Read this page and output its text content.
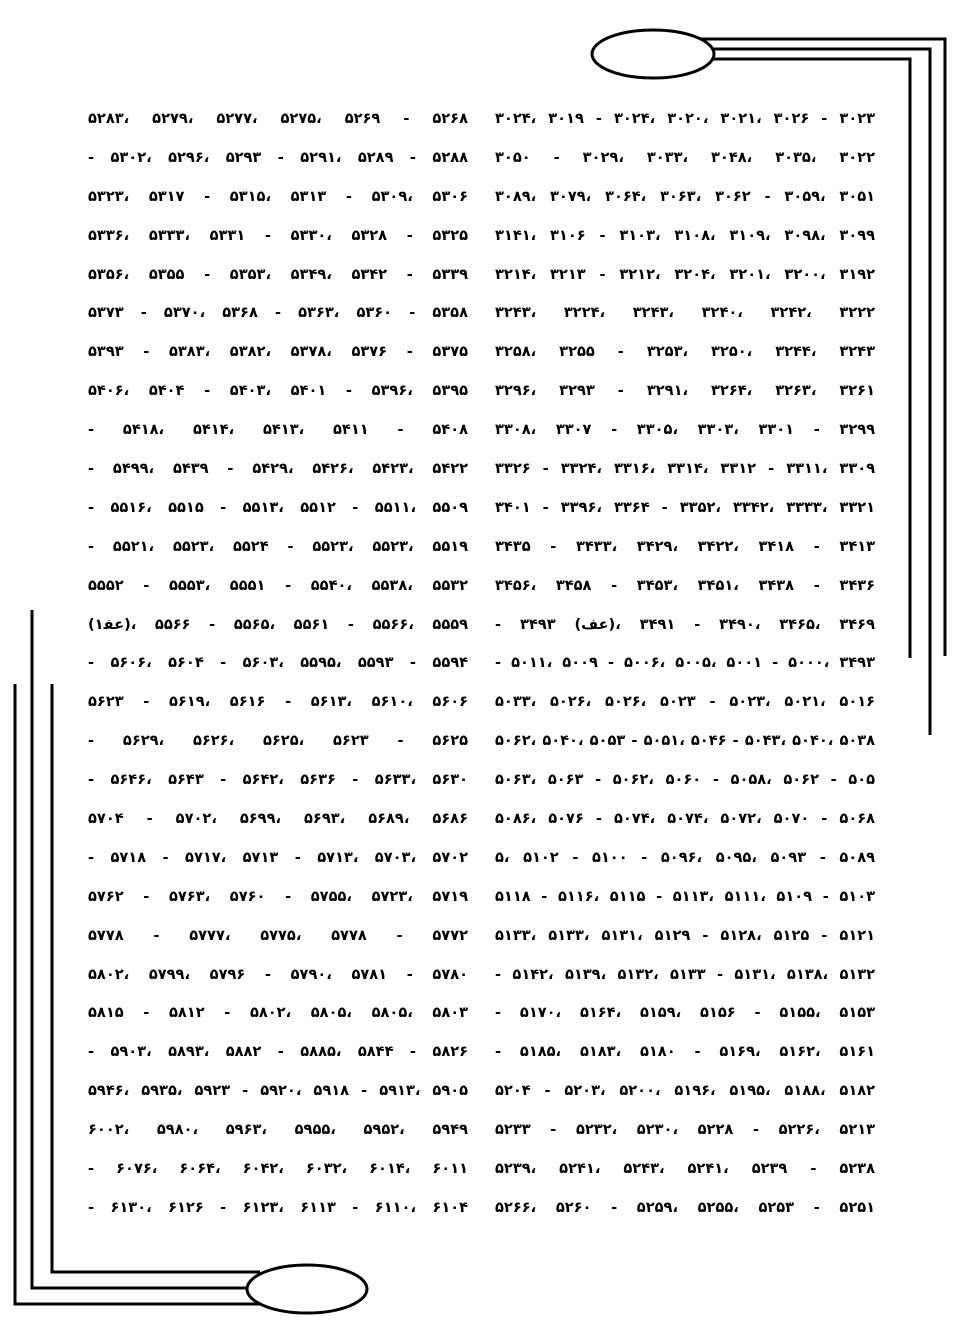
۳۰۲۳ - ۳۰۲۶ ،۳۰۲۱ ،۳۰۲۰ ،۳۰۲۴ - ۳۰۱۹ ،۳۰۲۴
۳۰۲۲ ،۳۰۳۵ ،۳۰۴۸ ،۳۰۳۳ ،۳۰۲۹ - ۳۰۵۰
۳۰۵۱ ،۳۰۵۹ - ۳۰۶۲ ،۳۰۶۳ ،۳۰۶۴ ،۳۰۷۹ ،۳۰۸۹
۳۰۹۹ ،۳۰۹۸ ،۳۱۰۹ ،۳۱۰۸ ،۳۱۰۳ - ۳۱۰۶ ،۳۱۴۱
۳۱۹۲ ،۳۲۰۰ ،۳۲۰۱ ،۳۲۰۴ ،۳۲۱۲ - ۳۲۱۳ ،۳۲۱۴
۳۲۲۲ ،۳۲۴۲ ،۳۲۴۰ ،۳۲۴۳ ،۳۲۲۴ ،۳۲۴۳
۳۲۴۳ ،۳۲۴۴ ،۳۲۵۰ ،۳۲۵۳ - ۳۲۵۵ ،۳۲۵۸
۳۲۶۱ ،۳۲۶۳ ،۳۲۶۴ ،۳۲۹۱ - ۳۲۹۳ ،۳۲۹۶
۳۲۹۹ - ۳۳۰۱ ،۳۳۰۳ ،۳۳۰۵ - ۳۳۰۷ ،۳۳۰۸
۳۳۰۹ ،۳۳۱۱ - ۳۳۱۲ ،۳۳۱۴ ،۳۳۱۶ ،۳۳۲۴ - ۳۳۲۶
۳۳۲۱ ،۳۳۳۳ ،۳۳۴۲ ،۳۳۵۲ - ۳۳۶۴ ،۳۳۹۶ - ۳۴۰۱
۳۴۱۳ - ۳۴۱۸ ،۳۴۲۲ ،۳۴۲۹ ،۳۴۳۳ - ۳۴۳۵
۳۴۳۶ - ۳۴۳۸ ،۳۴۵۱ ،۳۴۵۳ - ۳۴۵۸ ،۳۴۵۶
۳۴۶۹ ،۳۴۶۵ ،۳۴۹۰ - ۳۴۹۱ ،(ع‍ف) ۳۴۹۳ -
۳۴۹۳ ،۵۰۰۰ - ۵۰۰۱ ،۵۰۰۵ ،۵۰۰۶ - ۵۰۰۹ ،۵۰۱۱ -
۵۰۱۶ ،۵۰۲۱ ،۵۰۲۳ - ۵۰۲۳ ،۵۰۲۶ ،۵۰۲۶ ،۵۰۳۳
۵۰۳۸ ،۵۰۴۰ ،۵۰۴۳ - ۵۰۴۶ ،۵۰۵۱ - ۵۰۵۳ ،۵۰۴۰ ،۵۰۶۲
۵۰۵ - ۵۰۶۲ ،۵۰۵۸ - ۵۰۶۰ ،۵۰۶۲ - ۵۰۶۳ ،۵۰۶۳
۵۰۶۸ - ۵۰۷۰ ،۵۰۷۲ ،۵۰۷۴ ،۵۰۷۴ - ۵۰۷۶ ،۵۰۸۶
۵۰۸۹ - ۵۰۹۳ ،۵۰۹۵ ،۵۰۹۶ - ۵۱۰۰ - ۵۱۰۲ ،۵
۵۱۰۳ - ۵۱۰۹ ،۵۱۱۱ ،۵۱۱۳ - ۵۱۱۵ ،۵۱۱۶ - ۵۱۱۸
۵۱۲۱ - ۵۱۲۵ ،۵۱۲۸ - ۵۱۲۹ ،۵۱۳۱ ،۵۱۳۳ ،۵۱۳۳
۵۱۳۲ ،۵۱۳۸ ،۵۱۳۱ - ۵۱۳۳ ،۵۱۳۲ ،۵۱۳۹ ،۵۱۴۲ -
۵۱۵۳ ،۵۱۵۵ - ۵۱۵۶ ،۵۱۵۹ ،۵۱۶۴ ،۵۱۷۰ -
۵۱۶۱ ،۵۱۶۲ ،۵۱۶۹ - ۵۱۸۰ ،۵۱۸۳ ،۵۱۸۵ -
۵۱۸۲ ،۵۱۸۸ ،۵۱۹۵ ،۵۱۹۶ ،۵۲۰۰ ،۵۲۰۳ - ۵۲۰۴
۵۲۱۳ ،۵۲۲۶ - ۵۲۲۸ ،۵۲۳۰ ،۵۲۳۲ - ۵۲۳۳
۵۲۳۸ - ۵۲۳۹ ،۵۲۴۱ ،۵۲۴۳ ،۵۲۴۱ ،۵۲۳۹
۵۲۵۱ - ۵۲۵۳ ،۵۲۵۵ ،۵۲۵۹ - ۵۲۶۰ ،۵۲۶۶
۵۲۶۸ - ۵۲۶۹ ،۵۲۷۵ ،۵۲۷۷ ،۵۲۷۹ ،۵۲۸۳
۵۲۸۸ - ۵۲۸۹ ،۵۲۹۱ - ۵۲۹۳ ،۵۲۹۶ ،۵۳۰۲ -
۵۳۰۶ ،۵۳۰۹ - ۵۳۱۳ ،۵۳۱۵ - ۵۳۱۷ ،۵۳۲۳
۵۳۲۵ - ۵۳۲۸ ،۵۳۳۰ - ۵۳۳۱ ،۵۳۳۳ ،۵۳۳۶
۵۳۳۹ - ۵۳۴۲ ،۵۳۴۹ ،۵۳۵۳ - ۵۳۵۵ ،۵۳۵۶
۵۳۵۸ - ۵۳۶۰ ،۵۳۶۳ - ۵۳۶۸ ،۵۳۷۰ - ۵۳۷۳
۵۳۷۵ - ۵۳۷۶ ،۵۳۷۸ ،۵۳۸۲ ،۵۳۸۳ - ۵۳۹۳
۵۳۹۵ ،۵۳۹۶ - ۵۴۰۱ ،۵۴۰۳ - ۵۴۰۴ ،۵۴۰۶
۵۴۰۸ - ۵۴۱۱ ،۵۴۱۳ ،۵۴۱۴ ،۵۴۱۸ -
۵۴۲۲ ،۵۴۲۳ ،۵۴۲۶ ،۵۴۲۹ - ۵۴۳۹ ،۵۴۹۹ -
۵۵۰۹ ،۵۵۱۱ - ۵۵۱۲ ،۵۵۱۳ - ۵۵۱۵ ،۵۵۱۶ -
۵۵۱۹ ،۵۵۲۳ ،۵۵۲۳ - ۵۵۲۴ ،۵۵۲۳ ،۵۵۲۱ -
۵۵۳۲ ،۵۵۳۸ ،۵۵۴۰ - ۵۵۵۱ ،۵۵۵۳ - ۵۵۵۲
۵۵۵۹ ،۵۵۶۶ - ۵۵۶۱ ،۵۵۶۵ - ۵۵۶۶ ،(ع‍ف‍۱)
۵۵۹۴ - ۵۵۹۳ ،۵۵۹۵ ،۵۶۰۳ - ۵۶۰۴ ،۵۶۰۶ -
۵۶۰۶ ،۵۶۱۰ ،۵۶۱۳ - ۵۶۱۶ ،۵۶۱۹ - ۵۶۲۳
۵۶۲۵ - ۵۶۲۳ ،۵۶۲۵ ،۵۶۲۶ ،۵۶۲۹ -
۵۶۳۰ ،۵۶۳۳ - ۵۶۳۶ ،۵۶۴۲ - ۵۶۴۳ ،۵۶۴۶ -
۵۶۸۶ ،۵۶۸۹ ،۵۶۹۳ ،۵۶۹۹ ،۵۷۰۲ - ۵۷۰۴
۵۷۰۲ ،۵۷۰۳ ،۵۷۱۳ - ۵۷۱۳ ،۵۷۱۷ - ۵۷۱۸ -
۵۷۱۹ ،۵۷۲۳ ،۵۷۵۵ - ۵۷۶۰ ،۵۷۶۳ - ۵۷۶۲
۵۷۷۲ - ۵۷۷۸ ،۵۷۷۵ ،۵۷۷۷ - ۵۷۷۸
۵۷۸۰ - ۵۷۸۱ ،۵۷۹۰ - ۵۷۹۶ ،۵۷۹۹ ،۵۸۰۲
۵۸۰۳ ،۵۸۰۵ ،۵۸۰۵ ،۵۸۰۲ - ۵۸۱۲ - ۵۸۱۵
۵۸۲۶ - ۵۸۴۴ ،۵۸۸۵ - ۵۸۸۲ ،۵۸۹۳ ،۵۹۰۳ -
۵۹۰۵ ،۵۹۱۳ - ۵۹۱۸ ،۵۹۲۰ - ۵۹۲۳ ،۵۹۳۵ ،۵۹۴۶
۵۹۴۹ ،۵۹۵۲ ،۵۹۵۵ ،۵۹۶۳ ،۵۹۸۰ ،۶۰۰۲
۶۰۱۱ ،۶۰۱۴ ،۶۰۳۲ ،۶۰۴۲ ،۶۰۶۴ ،۶۰۷۶ -
۶۱۰۴ ،۶۱۱۰ - ۶۱۱۳ ،۶۱۲۳ - ۶۱۲۶ ،۶۱۳۰ -
